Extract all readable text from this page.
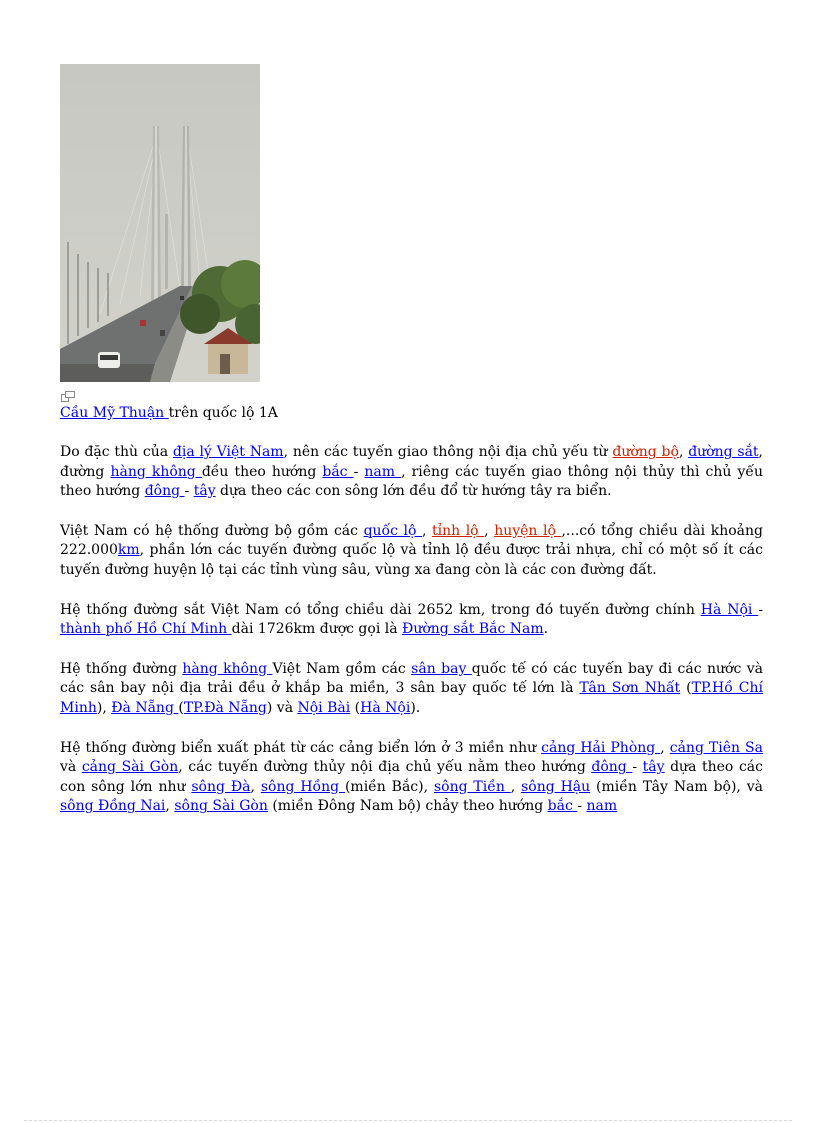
Cầu Mỹ Thuận trên quốc lộ 1A

Do đặc thù của địa lý Việt Nam, nên các tuyến giao thông nội địa chủ yếu từ đường bộ, đường sắt, đường hàng không đều theo hướng bắc - nam , riêng các tuyến giao thông nội thủy thì chủ yếu theo hướng đông - tây dựa theo các con sông lớn đều đổ từ hướng tây ra biển.

Việt Nam có hệ thống đường bộ gồm các quốc lộ , tỉnh lộ , huyện lộ ,...có tổng chiều dài khoảng 222.000km, phần lớn các tuyến đường quốc lộ và tỉnh lộ đều được trải nhựa, chỉ có một số ít các tuyến đường huyện lộ tại các tỉnh vùng sâu, vùng xa đang còn là các con đường đất.

Hệ thống đường sắt Việt Nam có tổng chiều dài 2652 km, trong đó tuyến đường chính Hà Nội - thành phố Hồ Chí Minh dài 1726km được gọi là Đường sắt Bắc Nam.

Hệ thống đường hàng không Việt Nam gồm các sân bay quốc tế có các tuyến bay đi các nước và các sân bay nội địa trải đều ở khắp ba miền, 3 sân bay quốc tế lớn là Tân Sơn Nhất (TP.Hồ Chí Minh), Đà Nẵng (TP.Đà Nẵng) và Nội Bài (Hà Nội).

Hệ thống đường biển xuất phát từ các cảng biển lớn ở 3 miền như cảng Hải Phòng , cảng Tiên Sa và cảng Sài Gòn, các tuyến đường thủy nội địa chủ yếu nằm theo hướng đông - tây dựa theo các con sông lớn như sông Đà, sông Hồng (miền Bắc), sông Tiền , sông Hậu (miền Tây Nam bộ), và sông Đồng Nai, sông Sài Gòn (miền Đông Nam bộ) chảy theo hướng bắc - nam
